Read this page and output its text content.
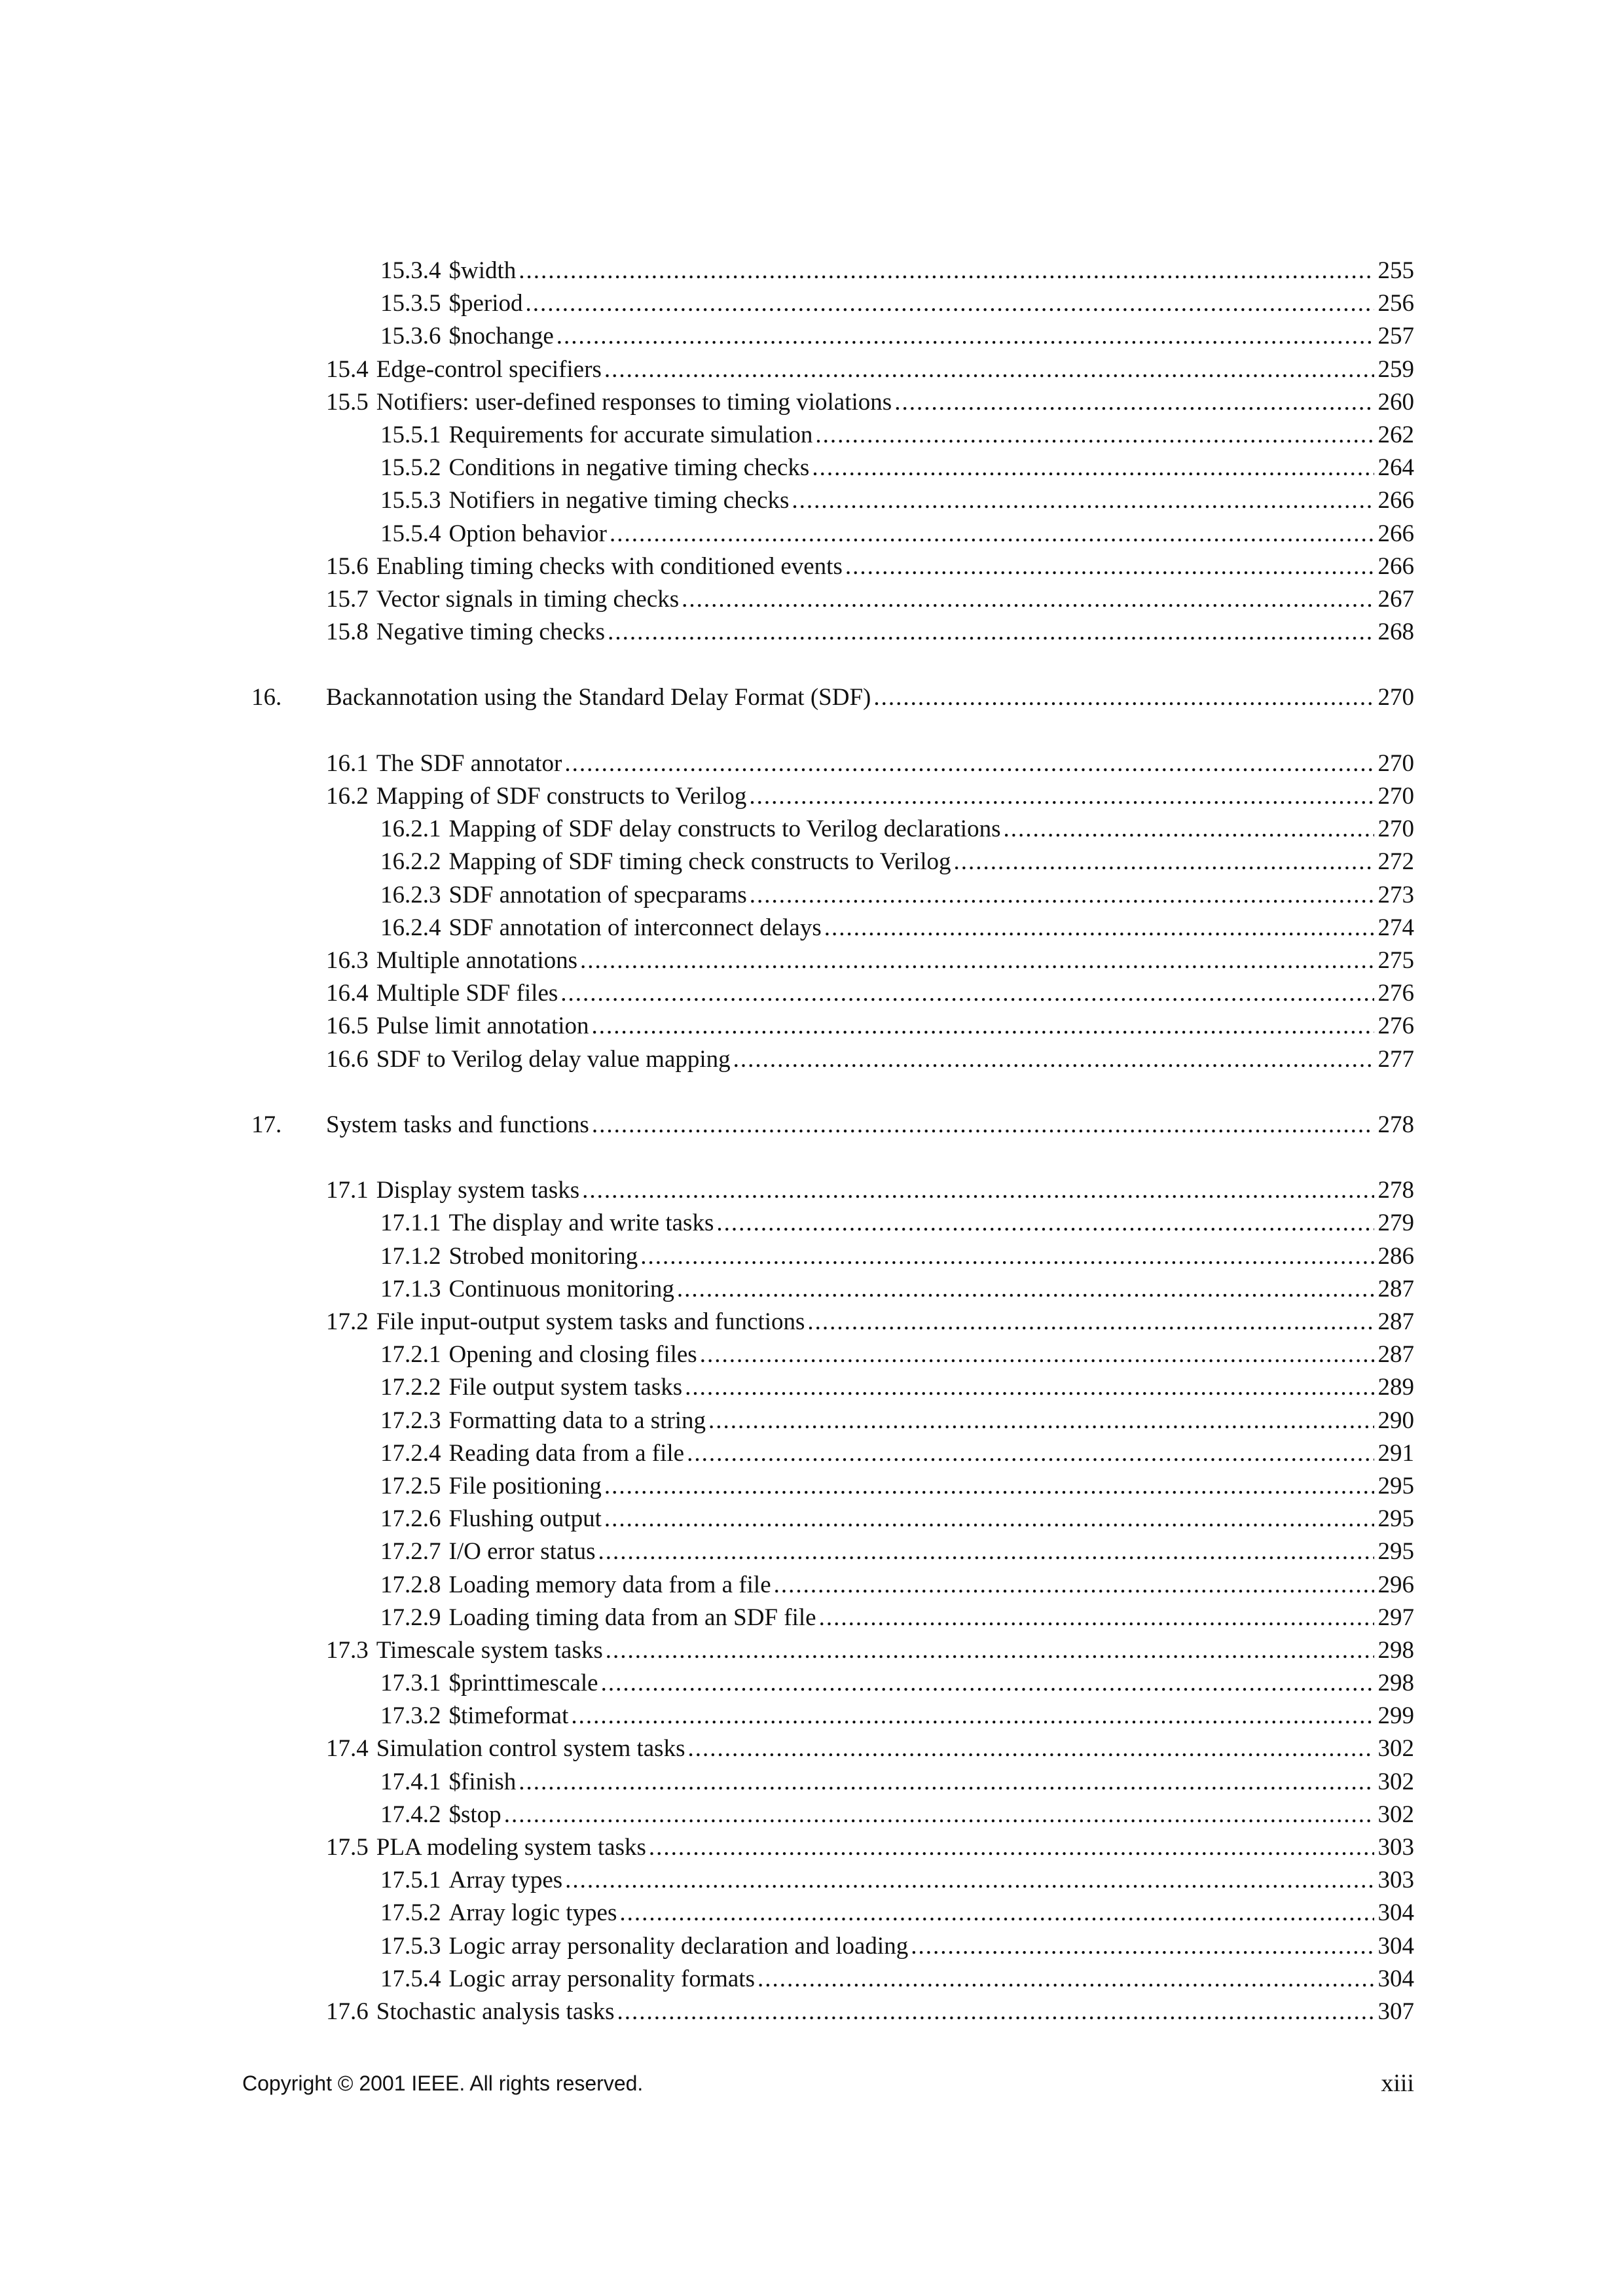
15.3.4 $width .....	255
15.3.5 $period .....	256
15.3.6 $nochange .....	257
15.4 Edge-control specifiers .....	259
15.5 Notifiers: user-defined responses to timing violations .....	260
15.5.1 Requirements for accurate simulation .....	262
15.5.2 Conditions in negative timing checks .....	264
15.5.3 Notifiers in negative timing checks .....	266
15.5.4 Option behavior .....	266
15.6 Enabling timing checks with conditioned events .....	266
15.7 Vector signals in timing checks .....	267
15.8 Negative timing checks .....	268
16. Backannotation using the Standard Delay Format (SDF) .....	270
16.1 The SDF annotator .....	270
16.2 Mapping of SDF constructs to Verilog .....	270
16.2.1 Mapping of SDF delay constructs to Verilog declarations .....	270
16.2.2 Mapping of SDF timing check constructs to Verilog .....	272
16.2.3 SDF annotation of specparams .....	273
16.2.4 SDF annotation of interconnect delays .....	274
16.3 Multiple annotations .....	275
16.4 Multiple SDF files .....	276
16.5 Pulse limit annotation .....	276
16.6 SDF to Verilog delay value mapping .....	277
17. System tasks and functions .....	278
17.1 Display system tasks .....	278
17.1.1 The display and write tasks .....	279
17.1.2 Strobed monitoring .....	286
17.1.3 Continuous monitoring .....	287
17.2 File input-output system tasks and functions .....	287
17.2.1 Opening and closing files .....	287
17.2.2 File output system tasks .....	289
17.2.3 Formatting data to a string .....	290
17.2.4 Reading data from a file .....	291
17.2.5 File positioning .....	295
17.2.6 Flushing output .....	295
17.2.7 I/O error status .....	295
17.2.8 Loading memory data from a file .....	296
17.2.9 Loading timing data from an SDF file .....	297
17.3 Timescale system tasks .....	298
17.3.1 $printtimescale .....	298
17.3.2 $timeformat .....	299
17.4 Simulation control system tasks .....	302
17.4.1 $finish .....	302
17.4.2 $stop .....	302
17.5 PLA modeling system tasks .....	303
17.5.1 Array types .....	303
17.5.2 Array logic types .....	304
17.5.3 Logic array personality declaration and loading .....	304
17.5.4 Logic array personality formats .....	304
17.6 Stochastic analysis tasks .....	307
Copyright © 2001 IEEE. All rights reserved.	xiii
